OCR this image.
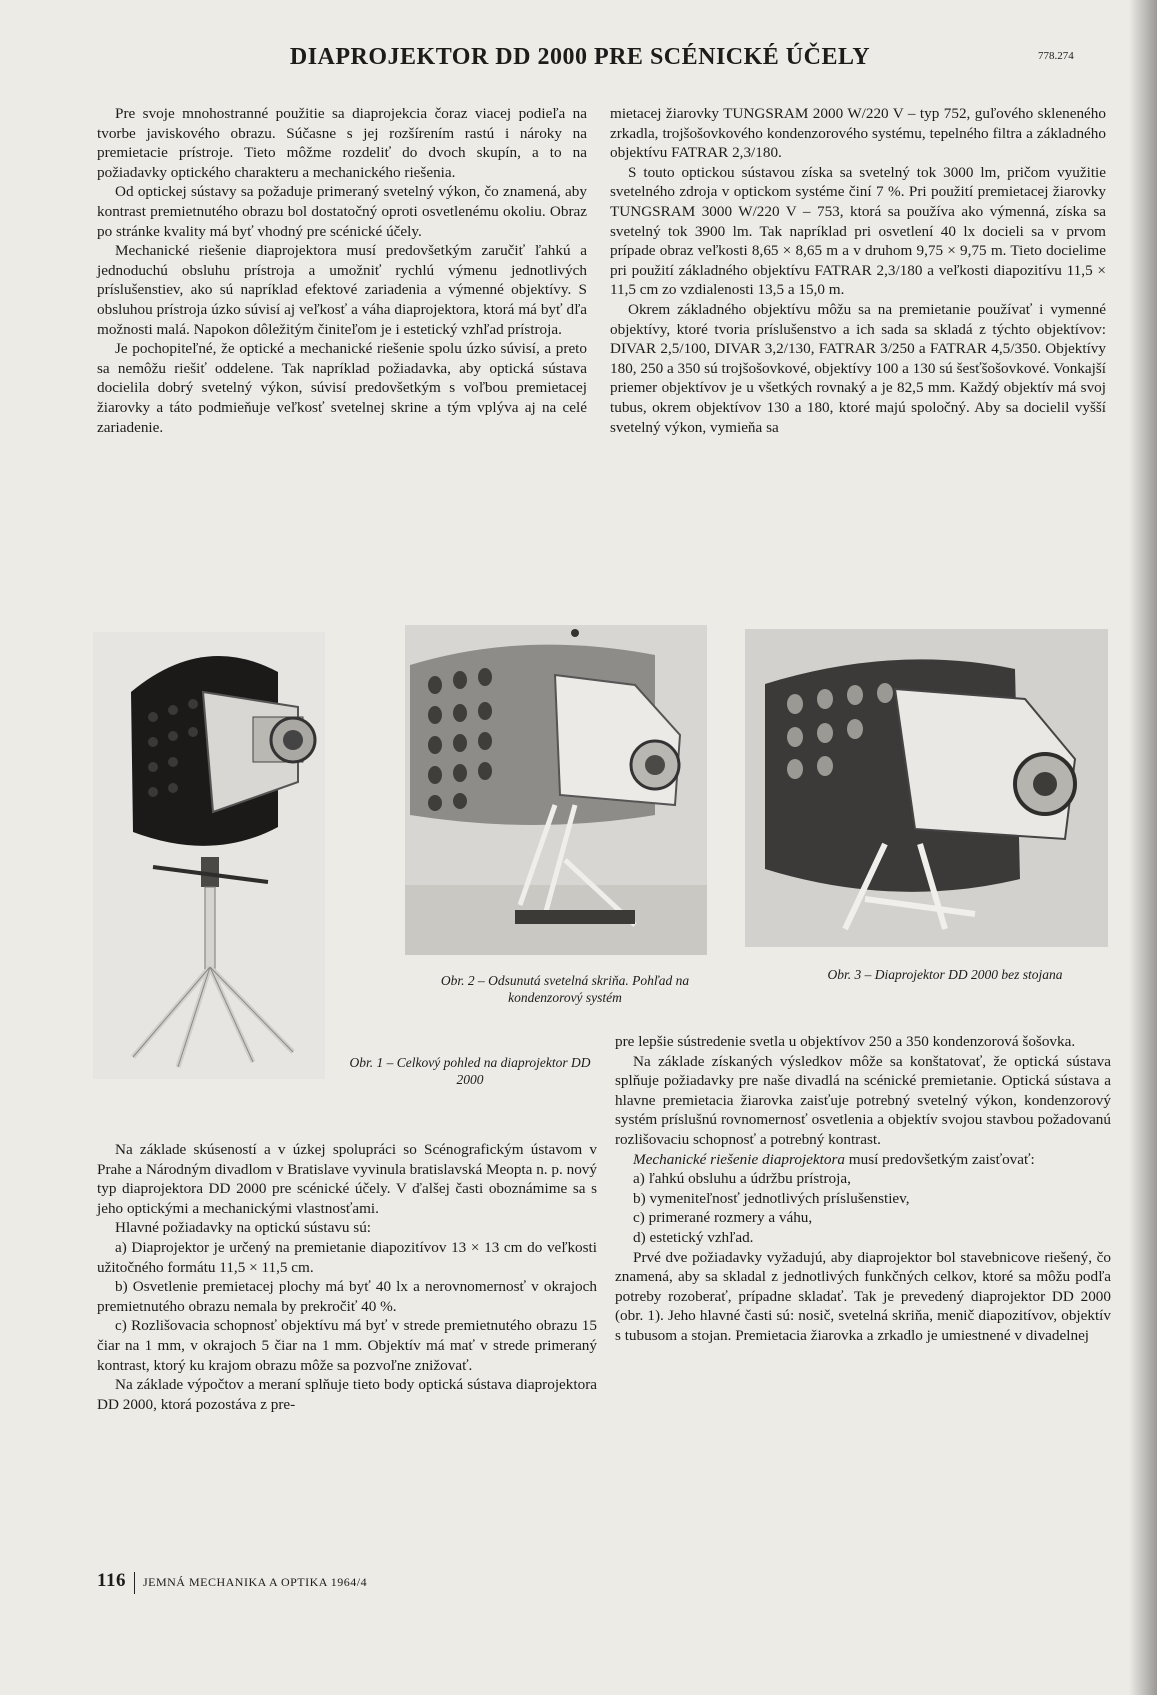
DIAPROJEKTOR DD 2000 PRE SCÉNICKÉ ÚČELY	778.274

Pre svoje mnohostranné použitie sa diaprojekcia čoraz viacej podieľa na tvorbe javiskového obrazu. Súčasne s jej rozšírením rastú i nároky na premietacie prístroje. Tieto môžme rozdeliť do dvoch skupín, a to na požiadavky optického charakteru a mechanického riešenia.

Od optickej sústavy sa požaduje primeraný svetelný výkon, čo znamená, aby kontrast premietnutého obrazu bol dostatočný oproti osvetlenému okoliu. Obraz po stránke kvality má byť vhodný pre scénické účely.

Mechanické riešenie diaprojektora musí predovšetkým zaručiť ľahkú a jednoduchú obsluhu prístroja a umožniť rychlú výmenu jednotlivých príslušenstiev, ako sú napríklad efektové zariadenia a výmenné objektívy. S obsluhou prístroja úzko súvisí aj veľkosť a váha diaprojektora, ktorá má byť dľa možnosti malá. Napokon dôležitým činiteľom je i estetický vzhľad prístroja.

Je pochopiteľné, že optické a mechanické riešenie spolu úzko súvisí, a preto sa nemôžu riešiť oddelene. Tak napríklad požiadavka, aby optická sústava docielila dobrý svetelný výkon, súvisí predovšetkým s voľbou premietacej žiarovky a táto podmieňuje veľkosť svetelnej skrine a tým vplýva aj na celé zariadenie.

mietacej žiarovky TUNGSRAM 2000 W/220 V – typ 752, guľového skleneného zrkadla, trojšošovkového kondenzorového systému, tepelného filtra a základného objektívu FATRAR 2,3/180.

S touto optickou sústavou získa sa svetelný tok 3000 lm, pričom využitie svetelného zdroja v optickom systéme činí 7 %. Pri použití premietacej žiarovky TUNGSRAM 3000 W/220 V – 753, ktorá sa používa ako výmenná, získa sa svetelný tok 3900 lm. Tak napríklad pri osvetlení 40 lx docieli sa v prvom prípade obraz veľkosti 8,65 × 8,65 m a v druhom 9,75 × 9,75 m. Tieto docielime pri použití základného objektívu FATRAR 2,3/180 a veľkosti diapozitívu 11,5 × 11,5 cm zo vzdialenosti 13,5 a 15,0 m.

Okrem základného objektívu môžu sa na premietanie používať i vymenné objektívy, ktoré tvoria príslušenstvo a ich sada sa skladá z týchto objektívov: DIVAR 2,5/100, DIVAR 3,2/130, FATRAR 3/250 a FATRAR 4,5/350. Objektívy 180, 250 a 350 sú trojšošovkové, objektívy 100 a 130 sú šesťšošovkové. Vonkajší priemer objektívov je u všetkých rovnaký a je 82,5 mm. Každý objektív má svoj tubus, okrem objektívov 130 a 180, ktoré majú spoločný. Aby sa docielil vyšší svetelný výkon, vymieňa sa

Obr. 1 – Celkový pohled na diaprojektor DD 2000
Obr. 2 – Odsunutá svetelná skriňa. Pohľad na kondenzorový systém
Obr. 3 – Diaprojektor DD 2000 bez stojana

Na základe skúseností a v úzkej spolupráci so Scénografickým ústavom v Prahe a Národným divadlom v Bratislave vyvinula bratislavská Meopta n. p. nový typ diaprojektora DD 2000 pre scénické účely. V ďalšej časti oboznámime sa s jeho optickými a mechanickými vlastnosťami.

Hlavné požiadavky na optickú sústavu sú:

a) Diaprojektor je určený na premietanie diapozitívov 13 × 13 cm do veľkosti užitočného formátu 11,5 × 11,5 cm.

b) Osvetlenie premietacej plochy má byť 40 lx a nerovnomernosť v okrajoch premietnutého obrazu nemala by prekročiť 40 %.

c) Rozlišovacia schopnosť objektívu má byť v strede premietnutého obrazu 15 čiar na 1 mm, v okrajoch 5 čiar na 1 mm. Objektív má mať v strede primeraný kontrast, ktorý ku krajom obrazu môže sa pozvoľne znižovať.

Na základe výpočtov a meraní splňuje tieto body optická sústava diaprojektora DD 2000, ktorá pozostáva z pre-

pre lepšie sústredenie svetla u objektívov 250 a 350 kondenzorová šošovka.

Na základe získaných výsledkov môže sa konštatovať, že optická sústava splňuje požiadavky pre naše divadlá na scénické premietanie. Optická sústava a hlavne premietacia žiarovka zaisťuje potrebný svetelný výkon, kondenzorový systém príslušnú rovnomernosť osvetlenia a objektív svojou stavbou požadovanú rozlišovaciu schopnosť a potrebný kontrast.

Mechanické riešenie diaprojektora musí predovšetkým zaisťovať:

a) ľahkú obsluhu a údržbu prístroja,
b) vymeniteľnosť jednotlivých príslušenstiev,
c) primerané rozmery a váhu,
d) estetický vzhľad.

Prvé dve požiadavky vyžadujú, aby diaprojektor bol stavebnicove riešený, čo znamená, aby sa skladal z jednotlivých funkčných celkov, ktoré sa môžu podľa potreby rozoberať, prípadne skladať. Tak je prevedený diaprojektor DD 2000 (obr. 1). Jeho hlavné časti sú: nosič, svetelná skriňa, menič diapozitívov, objektív s tubusom a stojan. Premietacia žiarovka a zrkadlo je umiestnené v divadelnej

116 JEMNÁ MECHANIKA A OPTIKA 1964/4
